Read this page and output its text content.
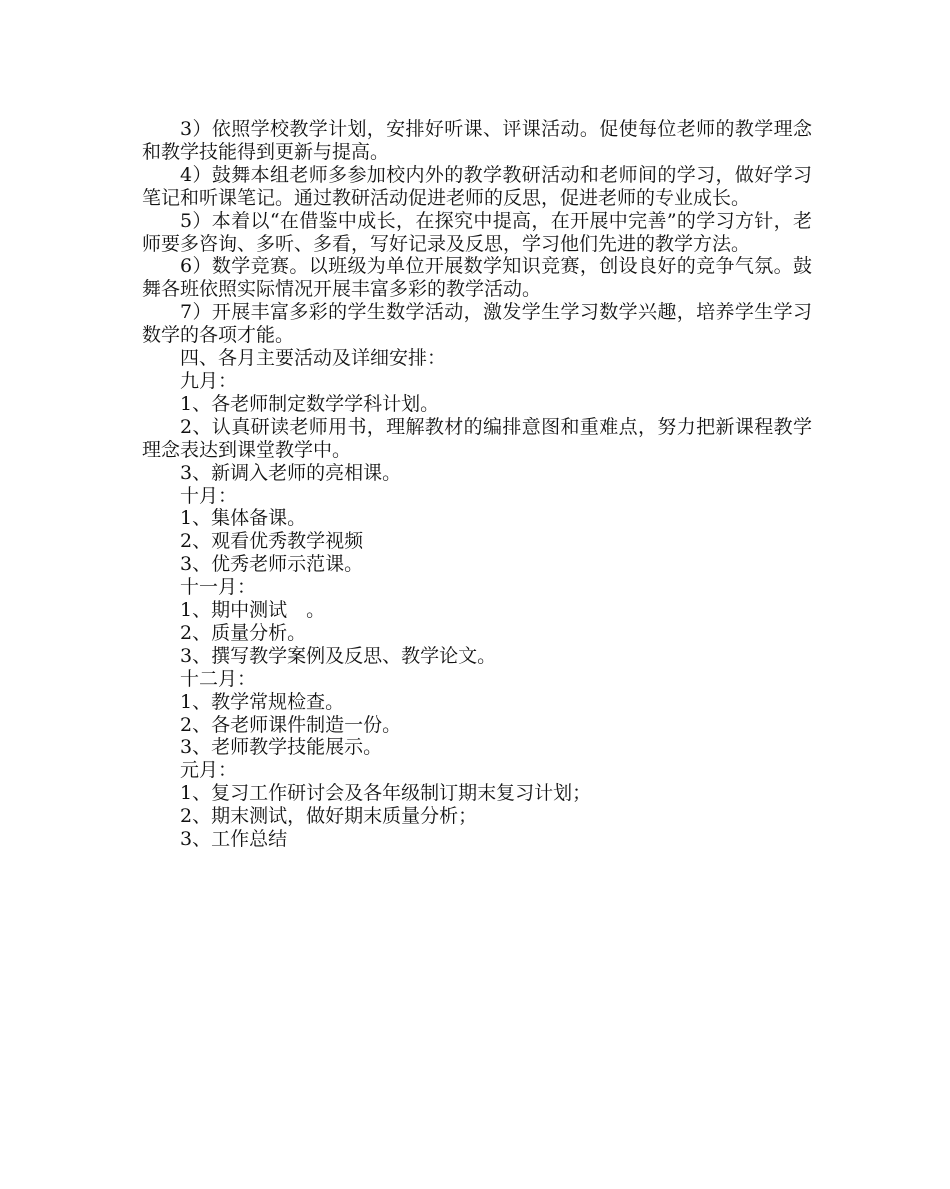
3）依照学校教学计划，安排好听课、评课活动。促使每位老师的教学理念和教学技能得到更新与提高。

4）鼓舞本组老师多参加校内外的教学教研活动和老师间的学习，做好学习笔记和听课笔记。通过教研活动促进老师的反思，促进老师的专业成长。

5）本着以“在借鉴中成长，在探究中提高，在开展中完善”的学习方针，老师要多咨询、多听、多看，写好记录及反思，学习他们先进的教学方法。

6）数学竞赛。以班级为单位开展数学知识竞赛，创设良好的竞争气氛。鼓舞各班依照实际情况开展丰富多彩的教学活动。

7）开展丰富多彩的学生数学活动，激发学生学习数学兴趣，培养学生学习数学的各项才能。

四、各月主要活动及详细安排：

九月：

1、各老师制定数学学科计划。

2、认真研读老师用书，理解教材的编排意图和重难点，努力把新课程教学理念表达到课堂教学中。

3、新调入老师的亮相课。

十月：

1、集体备课。

2、观看优秀教学视频

3、优秀老师示范课。

十一月：

1、期中测试　。

2、质量分析。

3、撰写教学案例及反思、教学论文。

十二月：

1、教学常规检查。

2、各老师课件制造一份。

3、老师教学技能展示。

元月：

1、复习工作研讨会及各年级制订期末复习计划；

2、期末测试，做好期末质量分析；

3、工作总结
